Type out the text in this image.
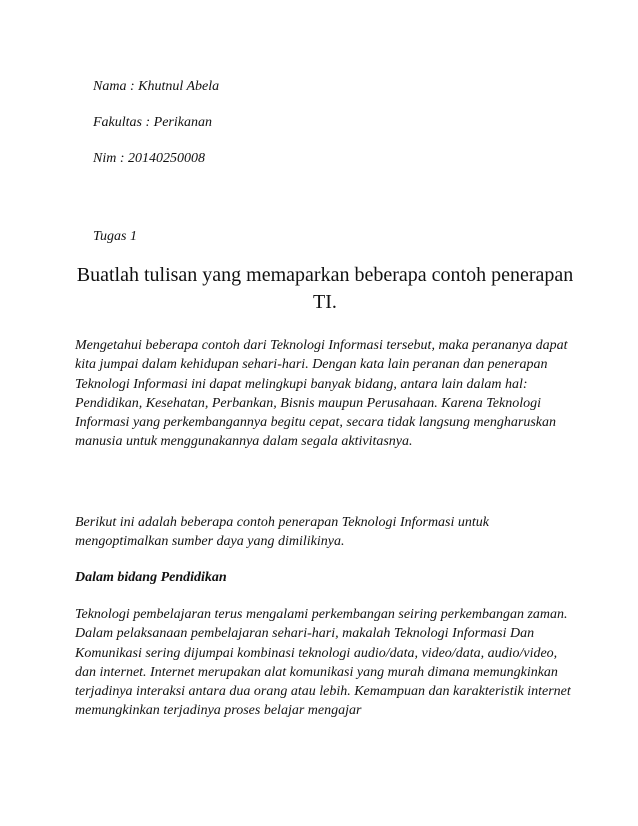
Nama : Khutnul Abela
Fakultas : Perikanan
Nim : 20140250008
Tugas 1
Buatlah tulisan yang memaparkan beberapa contoh penerapan TI.

Mengetahui beberapa contoh dari Teknologi Informasi tersebut, maka perananya dapat kita jumpai dalam kehidupan sehari-hari. Dengan kata lain peranan dan penerapan Teknologi Informasi ini dapat melingkupi banyak bidang, antara lain dalam hal: Pendidikan, Kesehatan, Perbankan, Bisnis maupun Perusahaan. Karena Teknologi Informasi yang perkembangannya begitu cepat, secara tidak langsung mengharuskan manusia untuk menggunakannya dalam segala aktivitasnya.

Berikut ini adalah beberapa contoh penerapan Teknologi Informasi untuk mengoptimalkan sumber daya yang dimilikinya.

Dalam bidang Pendidikan

Teknologi pembelajaran terus mengalami perkembangan seiring perkembangan zaman. Dalam pelaksanaan pembelajaran sehari-hari, makalah Teknologi Informasi Dan Komunikasi sering dijumpai kombinasi teknologi audio/data, video/data, audio/video, dan internet. Internet merupakan alat komunikasi yang murah dimana memungkinkan terjadinya interaksi antara dua orang atau lebih. Kemampuan dan karakteristik internet memungkinkan terjadinya proses belajar mengajar
